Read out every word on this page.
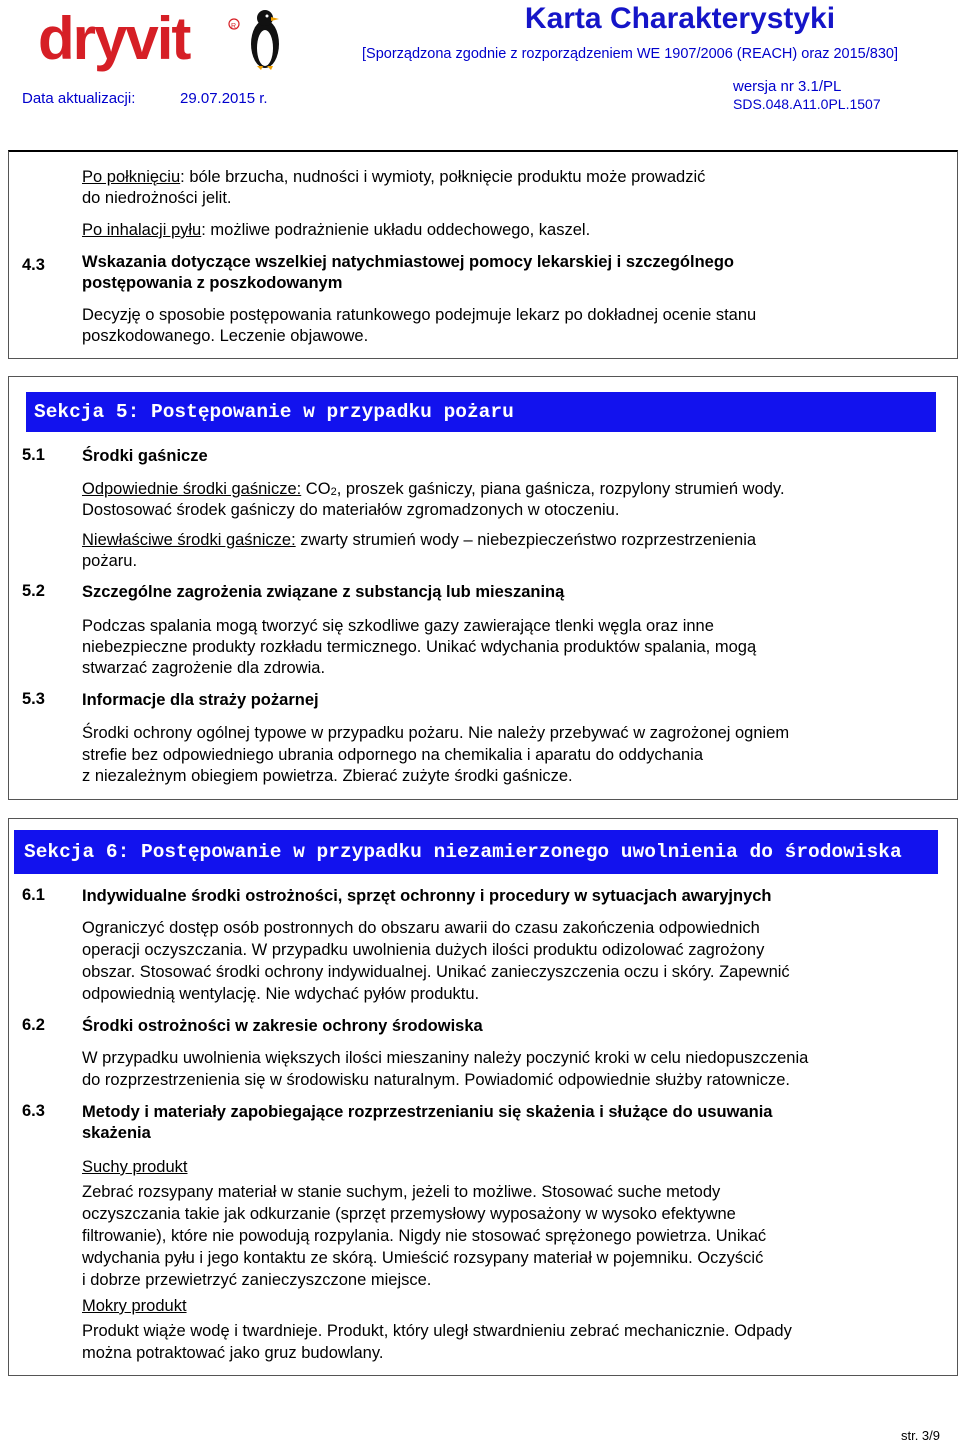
dryvit	R	Karta Charakterystyki
[Sporządzona zgodnie z rozporządzeniem WE 1907/2006 (REACH) oraz 2015/830]
Data aktualizacji:	29.07.2015 r.
wersja nr 3.1/PL
SDS.048.A11.0PL.1507
Po połknięciu: bóle brzucha, nudności i wymioty, połknięcie produktu może prowadzić
do niedrożności jelit.
Po inhalacji pyłu: możliwe podrażnienie układu oddechowego, kaszel.
4.3 Wskazania dotyczące wszelkiej natychmiastowej pomocy lekarskiej i szczególnego
postępowania z poszkodowanym
Decyzję o sposobie postępowania ratunkowego podejmuje lekarz po dokładnej ocenie stanu
poszkodowanego. Leczenie objawowe.
Sekcja 5: Postępowanie w przypadku pożaru
5.1 Środki gaśnicze
Odpowiednie środki gaśnicze: CO2, proszek gaśniczy, piana gaśnicza, rozpylony strumień wody.
Dostosować środek gaśniczy do materiałów zgromadzonych w otoczeniu.
Niewłaściwe środki gaśnicze: zwarty strumień wody – niebezpieczeństwo rozprzestrzenienia
pożaru.
5.2 Szczególne zagrożenia związane z substancją lub mieszaniną
Podczas spalania mogą tworzyć się szkodliwe gazy zawierające tlenki węgla oraz inne
niebezpieczne produkty rozkładu termicznego. Unikać wdychania produktów spalania, mogą
stwarzać zagrożenie dla zdrowia.
5.3 Informacje dla straży pożarnej
Środki ochrony ogólnej typowe w przypadku pożaru. Nie należy przebywać w zagrożonej ogniem
strefie bez odpowiedniego ubrania odpornego na chemikalia i aparatu do oddychania
z niezależnym obiegiem powietrza. Zbierać zużyte środki gaśnicze.
Sekcja 6: Postępowanie w przypadku niezamierzonego uwolnienia do środowiska
6.1 Indywidualne środki ostrożności, sprzęt ochronny i procedury w sytuacjach awaryjnych
Ograniczyć dostęp osób postronnych do obszaru awarii do czasu zakończenia odpowiednich
operacji oczyszczania. W przypadku uwolnienia dużych ilości produktu odizolować zagrożony
obszar. Stosować środki ochrony indywidualnej. Unikać zanieczyszczenia oczu i skóry. Zapewnić
odpowiednią wentylację. Nie wdychać pyłów produktu.
6.2 Środki ostrożności w zakresie ochrony środowiska
W przypadku uwolnienia większych ilości mieszaniny należy poczynić kroki w celu niedopuszczenia
do rozprzestrzenienia się w środowisku naturalnym. Powiadomić odpowiednie służby ratownicze.
6.3 Metody i materiały zapobiegające rozprzestrzenianiu się skażenia i służące do usuwania
skażenia
Suchy produkt
Zebrać rozsypany materiał w stanie suchym, jeżeli to możliwe. Stosować suche metody
oczyszczania takie jak odkurzanie (sprzęt przemysłowy wyposażony w wysoko efektywne
filtrowanie), które nie powodują rozpylania. Nigdy nie stosować sprężonego powietrza. Unikać
wdychania pyłu i jego kontaktu ze skórą. Umieścić rozsypany materiał w pojemniku. Oczyścić
i dobrze przewietrzyć zanieczyszczone miejsce.
Mokry produkt
Produkt wiąże wodę i twardnieje. Produkt, który uległ stwardnieniu zebrać mechanicznie. Odpady
można potraktować jako gruz budowlany.
str. 3/9
